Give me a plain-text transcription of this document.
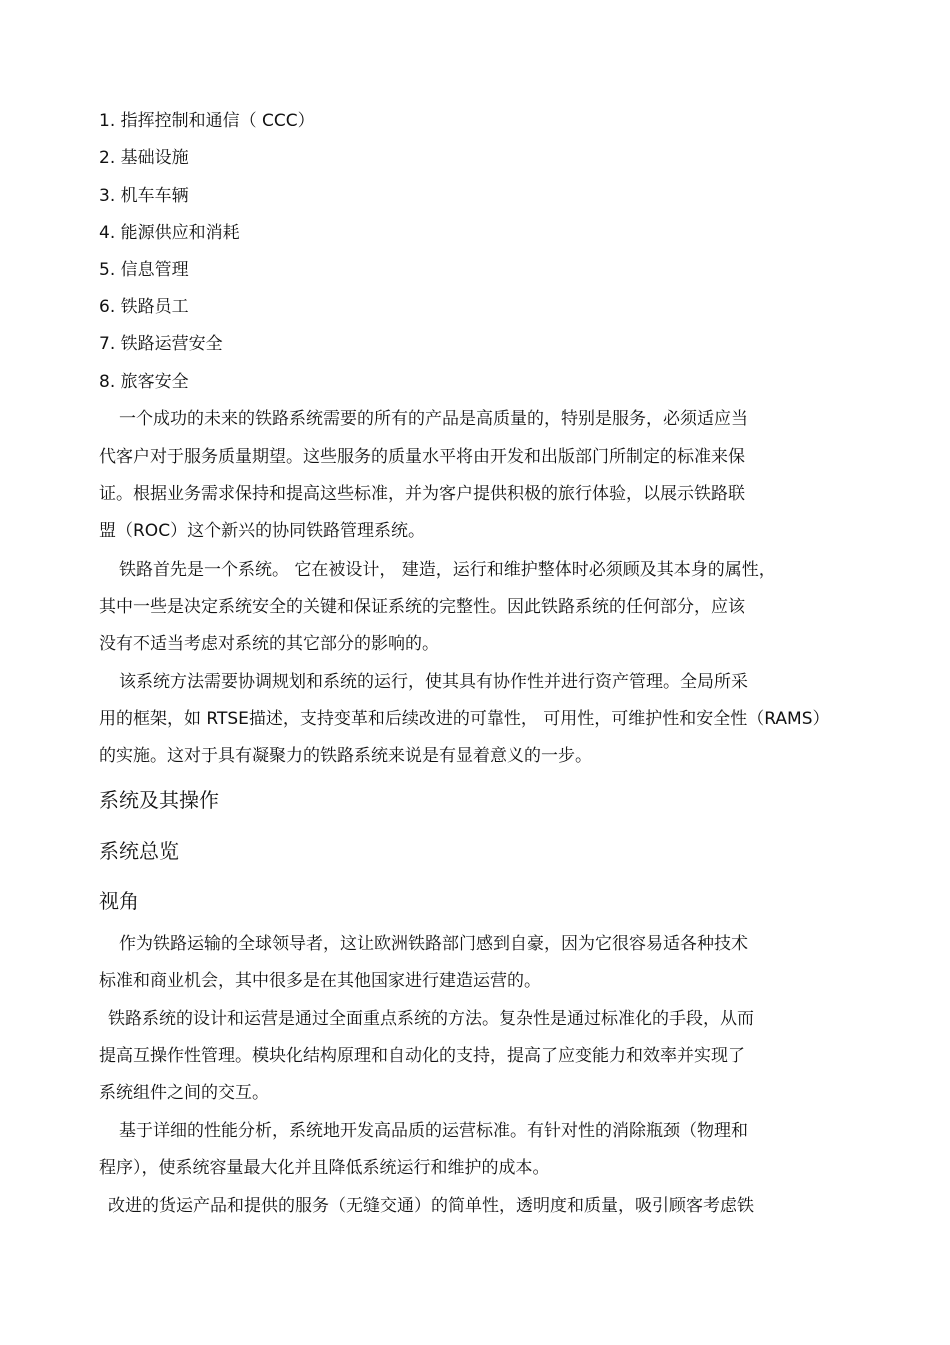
1. 指挥控制和通信（ CCC）
2. 基础设施
3. 机车车辆
4. 能源供应和消耗
5. 信息管理
6. 铁路员工
7. 铁路运营安全
8. 旅客安全
一个成功的未来的铁路系统需要的所有的产品是高质量的，特别是服务，必须适应当
代客户对于服务质量期望。这些服务的质量水平将由开发和出版部门所制定的标准来保
证。根据业务需求保持和提高这些标准，并为客户提供积极的旅行体验，以展示铁路联
盟（ROC）这个新兴的协同铁路管理系统。
铁路首先是一个系统。 它在被设计， 建造，运行和维护整体时必须顾及其本身的属性，
其中一些是决定系统安全的关键和保证系统的完整性。因此铁路系统的任何部分，应该
没有不适当考虑对系统的其它部分的影响的。
该系统方法需要协调规划和系统的运行，使其具有协作性并进行资产管理。全局所采
用的框架，如 RTSE描述，支持变革和后续改进的可靠性， 可用性，可维护性和安全性（RAMS）
的实施。这对于具有凝聚力的铁路系统来说是有显着意义的一步。
系统及其操作
系统总览
视角
作为铁路运输的全球领导者，这让欧洲铁路部门感到自豪，因为它很容易适各种技术
标准和商业机会，其中很多是在其他国家进行建造运营的。
铁路系统的设计和运营是通过全面重点系统的方法。复杂性是通过标准化的手段，从而
提高互操作性管理。模块化结构原理和自动化的支持，提高了应变能力和效率并实现了
系统组件之间的交互。
基于详细的性能分析，系统地开发高品质的运营标准。有针对性的消除瓶颈（物理和
程序），使系统容量最大化并且降低系统运行和维护的成本。
改进的货运产品和提供的服务（无缝交通）的简单性，透明度和质量，吸引顾客考虑铁
